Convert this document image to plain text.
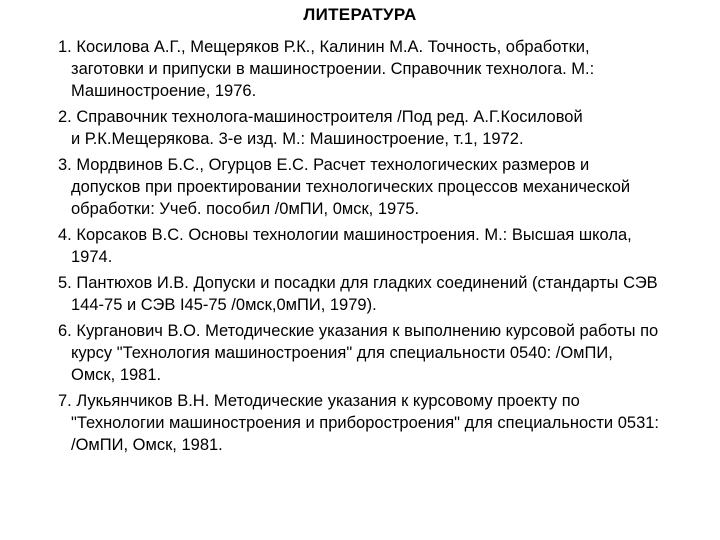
ЛИТЕРАТУРА
1. Косилова А.Г., Мещеряков Р.К., Калинин М.А. Точность, обработки,
заготовки и припуски в машиностроении. Справочник технолога. М.:
Машиностроение, 1976.
2. Справочник технолога-машиностроителя /Под ред. А.Г.Косиловой
и Р.К.Мещерякова. 3-е изд. М.: Машиностроение, т.1, 1972.
3. Мордвинов Б.С., Огурцов Е.С. Расчет технологических размеров и
допусков при проектировании технологических процессов механической
обработки: Учеб. пособил /0мПИ, 0мск, 1975.
4. Корсаков В.С. Основы технологии машиностроения. М.: Высшая школа,
1974.
5. Пантюхов И.В. Допуски и посадки для гладких соединений (стандарты СЭВ
144-75 и СЭВ І45-75 /0мск,0мПИ, 1979).
6. Курганович В.О. Методические указания к выполнению курсовой работы по
курсу "Технология машиностроения" для специальности 0540: /ОмПИ,
Омск, 1981.
7. Лукьянчиков В.Н. Методические указания к курсовому проекту по
"Технологии машиностроения и приборостроения" для специальности 0531:
/ОмПИ, Омск, 1981.
